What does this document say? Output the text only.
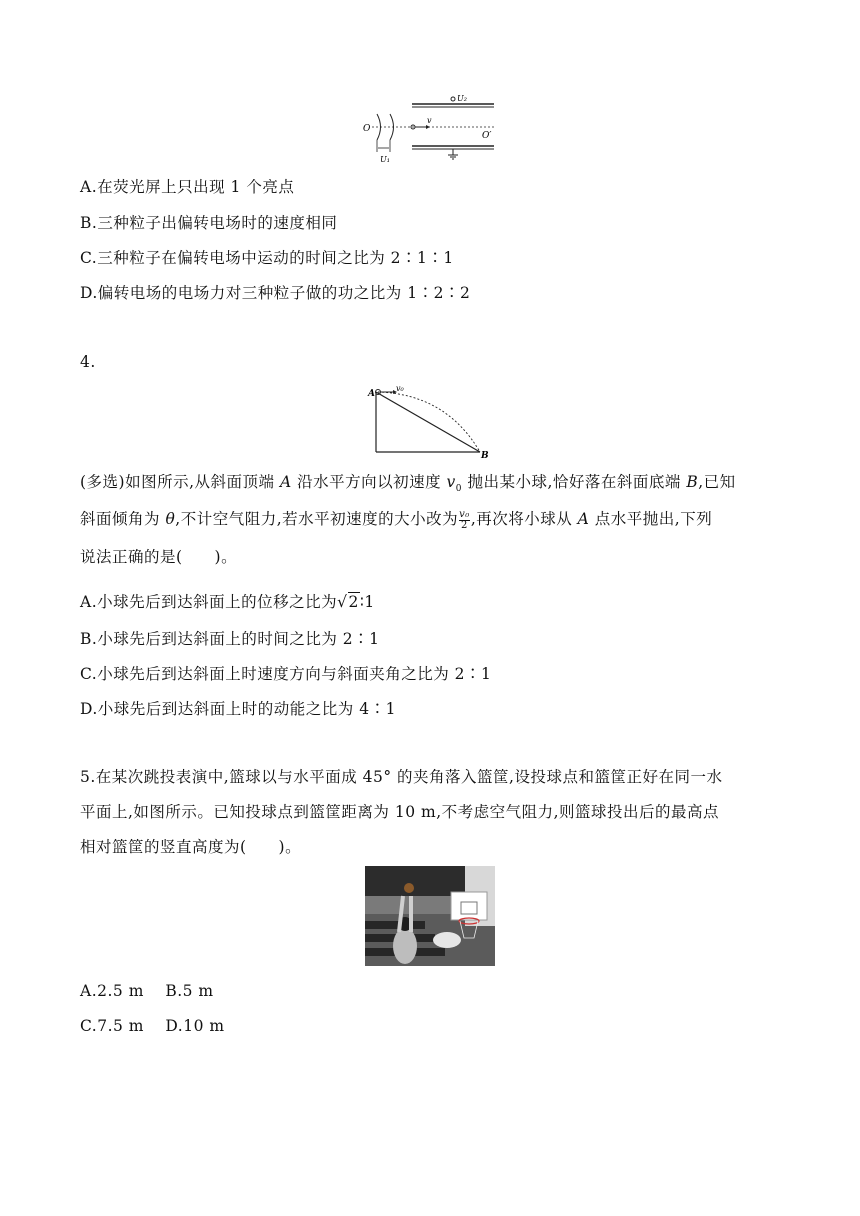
U₂
v
O
O′
U₁
A.在荧光屏上只出现 1 个亮点
B.三种粒子出偏转电场时的速度相同
C.三种粒子在偏转电场中运动的时间之比为 2∶1∶1
D.偏转电场的电场力对三种粒子做的功之比为 1∶2∶2
4.
A
v₀
B
(多选)如图所示,从斜面顶端 A 沿水平方向以初速度 $v_0$ 抛出某小球,恰好落在斜面底端 B,已知
斜面倾角为 θ,不计空气阻力,若水平初速度的大小改为 $\frac{\text{v₀}}{2}$ ,再次将小球从 A 点水平抛出,下列
说法正确的是(　　)。
A.小球先后到达斜面上的位移之比为√2∶1
B.小球先后到达斜面上的时间之比为 2∶1
C.小球先后到达斜面上时速度方向与斜面夹角之比为 2∶1
D.小球先后到达斜面上时的动能之比为 4∶1
5.在某次跳投表演中,篮球以与水平面成 45° 的夹角落入篮筐,设投球点和篮筐正好在同一水
平面上,如图所示。已知投球点到篮筐距离为 10 m,不考虑空气阻力,则篮球投出后的最高点
相对篮筐的竖直高度为(　　)。
A.2.5 m　 B.5 m
C.7.5 m　 D.10 m
